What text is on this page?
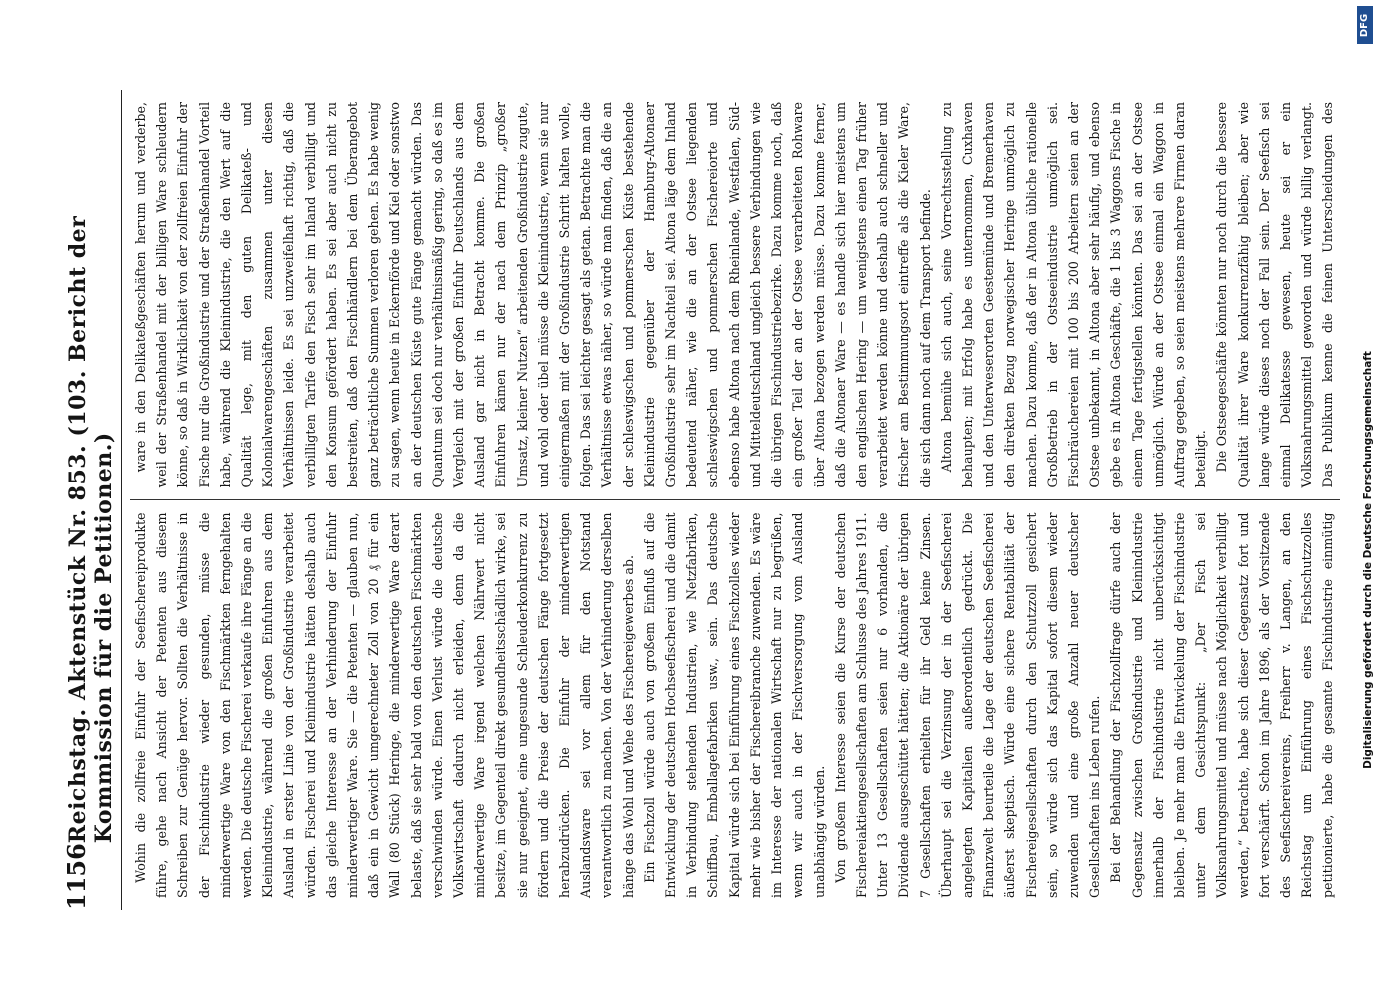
1156
Reichstag. Aktenstück Nr. 853. (103. Bericht der Kommission für die Petitionen.) Wohin die zollfreie Einfuhr der Seefischereiprodukte führe, gehe nach Ansicht der Petenten aus diesem Schreiben zur Genüge hervor. Sollten die Verhältnisse in der Fischindustrie wieder gesunden, müsse die minderwertige Ware von den Fischmärkten ferngehalten werden. Die deutsche Fischerei verkaufe ihre Fänge an die Kleinindustrie, während die großen Einfuhren aus dem Ausland in erster Linie von der Großindustrie verarbeitet würden. Fischerei und Kleinindustrie hätten deshalb auch das gleiche Interesse an der Verhinderung der Einfuhr minderwertiger Ware. Sie — die Petenten — glauben nun, daß ein in Gewicht umgerechneter Zoll von 20 ₰ für ein Wall (80 Stück) Heringe, die minderwertige Ware derart belaste, daß sie sehr bald von den deutschen Fischmärkten verschwinden würde. Einen Verlust würde die deutsche Volkswirtschaft dadurch nicht erleiden, denn da die minderwertige Ware irgend welchen Nährwert nicht besitze, im Gegenteil direkt gesundheitsschädlich wirke, sei sie nur geeignet, eine ungesunde Schleuderkonkurrenz zu fördern und die Preise der deutschen Fänge fortgesetzt herabzudrücken. Die Einfuhr der minderwertigen Auslandsware sei vor allem für den Notstand verantwortlich zu machen. Von der Verhinderung derselben hänge das Wohl und Wehe des Fischereigewerbes ab. Ein Fischzoll würde auch von großem Einfluß auf die Entwicklung der deutschen Hochseefischerei und die damit in Verbindung stehenden Industrien, wie Netzfabriken, Schiffbau, Emballagefabriken usw., sein. Das deutsche Kapital würde sich bei Einführung eines Fischzolles wieder mehr wie bisher der Fischereibranche zuwenden. Es wäre im Interesse der nationalen Wirtschaft nur zu begrüßen, wenn wir auch in der Fischversorgung vom Ausland unabhängig würden. Von großem Interesse seien die Kurse der deutschen Fischereiaktiengesellschaften am Schlusse des Jahres 1911. Unter 13 Gesellschaften seien nur 6 vorhanden, die Dividende ausgeschüttet hätten; die Aktionäre der übrigen 7 Gesellschaften erhielten für ihr Geld keine Zinsen. Überhaupt sei die Verzinsung der in der Seefischerei angelegten Kapitalien außerordentlich gedrückt. Die Finanzwelt beurteile die Lage der deutschen Seefischerei äußerst skeptisch. Würde eine sichere Rentabilität der Fischereigesellschaften durch den Schutzzoll gesichert sein, so würde sich das Kapital sofort diesem wieder zuwenden und eine große Anzahl neuer deutscher Gesellschaften ins Leben rufen. Bei der Behandlung der Fischzollfrage dürfe auch der Gegensatz zwischen Großindustrie und Kleinindustrie innerhalb der Fischindustrie nicht unberücksichtigt bleiben. Je mehr man die Entwickelung der Fischindustrie unter dem Gesichtspunkt: „Der Fisch sei Volksnahrungsmittel und müsse nach Möglichkeit verbilligt werden,“ betrachte, habe sich dieser Gegensatz fort und fort verschärft. Schon im Jahre 1896, als der Vorsitzende des Seefischereivereins, Freiherr v. Langen, an den Reichstag um Einführung eines Fischschutzzolles petitionierte, habe die gesamte Fischindustrie einmütig

ware in den Delikateßgeschäften herum und verderbe, weil der Straßenhandel mit der billigen Ware schleudern könne, so daß in Wirklichkeit von der zollfreien Einfuhr der Fische nur die Großindustrie und der Straßenhandel Vorteil habe, während die Kleinindustrie, die den Wert auf die Qualität lege, mit den guten Delikateß- und Kolonialwarengeschäften zusammen unter diesen Verhältnissen leide. Es sei unzweifelhaft richtig, daß die verbilligten Tarife den Fisch sehr im Inland verbilligt und den Konsum gefördert haben. Es sei aber auch nicht zu bestreiten, daß den Fischhändlern bei dem Überangebot ganz beträchtliche Summen verloren gehen. Es habe wenig zu sagen, wenn heute in Eckernförde und Kiel oder sonstwo an der deutschen Küste gute Fänge gemacht würden. Das Quantum sei doch nur verhältnismäßig gering, so daß es im Vergleich mit der großen Einfuhr Deutschlands aus dem Ausland gar nicht in Betracht komme. Die großen Einfuhren kämen nur der nach dem Prinzip „großer Umsatz, kleiner Nutzen“ arbeitenden Großindustrie zugute, und wohl oder übel müsse die Kleinindustrie, wenn sie nur einigermaßen mit der Großindustrie Schritt halten wolle, folgen. Das sei leichter gesagt als getan. Betrachte man die Verhältnisse etwas näher, so würde man finden, daß die an der schleswigschen und pommerschen Küste bestehende Kleinindustrie gegenüber der Hamburg-Altonaer Großindustrie sehr im Nachteil sei. Altona läge dem Inland bedeutend näher, wie die an der Ostsee liegenden schleswigschen und pommerschen Fischereiorte und ebenso habe Altona nach dem Rheinlande, Westfalen, Süd- und Mitteldeutschland ungleich bessere Verbindungen wie die übrigen Fischindustriebezirke. Dazu komme noch, daß ein großer Teil der an der Ostsee verarbeiteten Rohware über Altona bezogen werden müsse. Dazu komme ferner, daß die Altonaer Ware — es handle sich hier meistens um den englischen Hering — um wenigstens einen Tag früher verarbeitet werden könne und deshalb auch schneller und frischer am Bestimmungsort eintreffe als die Kieler Ware, die sich dann noch auf dem Transport befinde. Altona bemühe sich auch, seine Vorrechtsstellung zu behaupten; mit Erfolg habe es unternommen, Cuxhaven und den Unterweserorten Geestemünde und Bremerhaven den direkten Bezug norwegischer Heringe unmöglich zu machen. Dazu komme, daß der in Altona übliche rationelle Großbetrieb in der Ostseeindustrie unmöglich sei. Fischräuchereien mit 100 bis 200 Arbeitern seien an der Ostsee unbekannt, in Altona aber sehr häufig, und ebenso gebe es in Altona Geschäfte, die 1 bis 3 Waggons Fische in einem Tage fertigstellen könnten. Das sei an der Ostsee unmöglich. Würde an der Ostsee einmal ein Waggon in Auftrag gegeben, so seien meistens mehrere Firmen daran beteiligt. Die Ostseegeschäfte könnten nur noch durch die bessere Qualität ihrer Ware konkurrenzfähig bleiben; aber wie lange würde dieses noch der Fall sein. Der Seefisch sei einmal Delikatesse gewesen, heute sei er ein Volksnahrungsmittel geworden und würde billig verlangt. Das Publikum kenne die feinen Unterscheidungen des

DFG
Digitalisierung gefördert durch die Deutsche Forschungsgemeinschaft
